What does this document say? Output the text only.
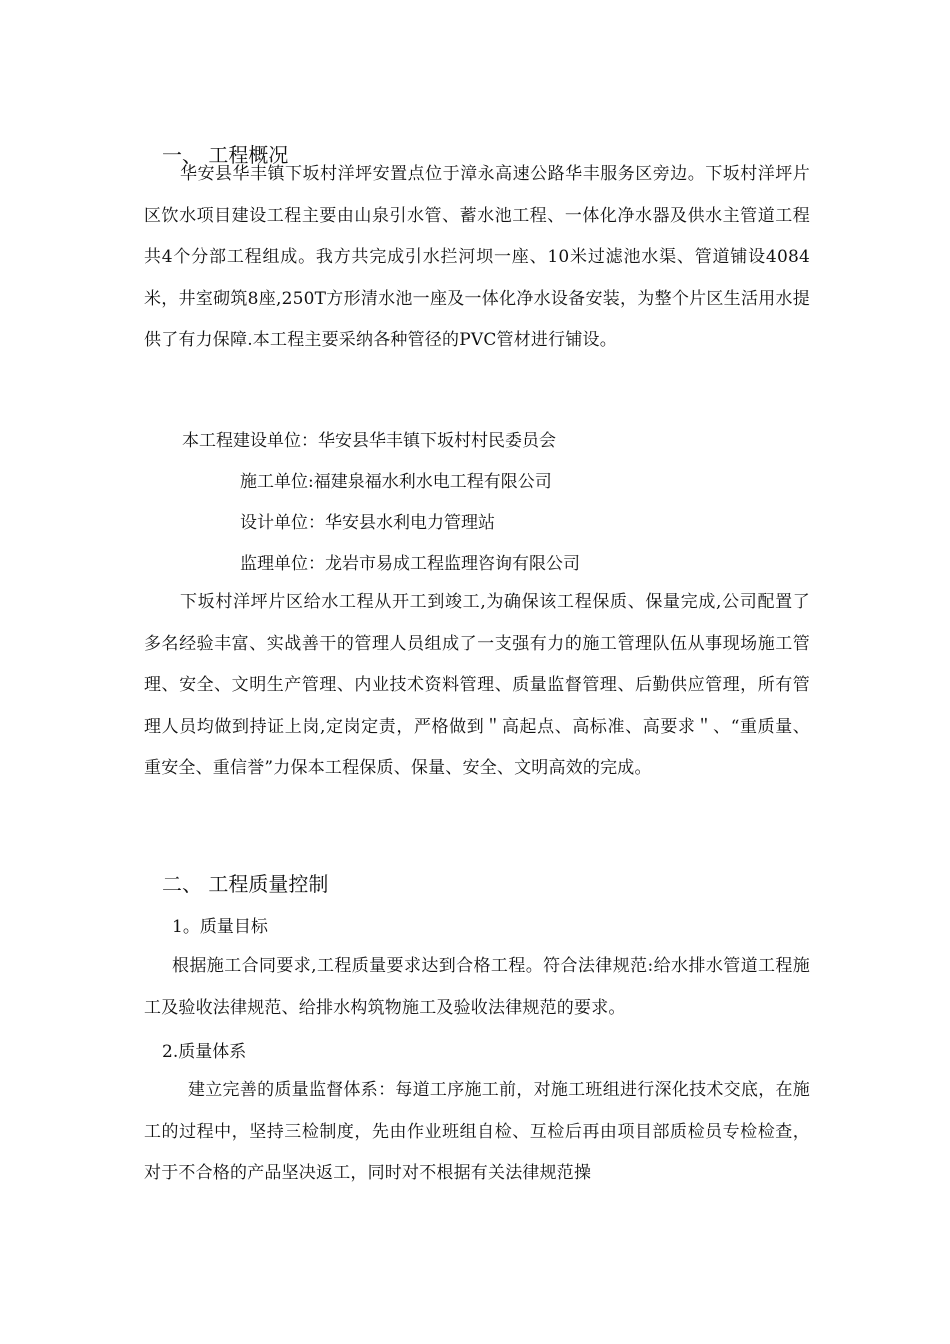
一、 工程概况

华安县华丰镇下坂村洋坪安置点位于漳永高速公路华丰服务区旁边。下坂村洋坪片区饮水项目建设工程主要由山泉引水管、蓄水池工程、一体化净水器及供水主管道工程共4个分部工程组成。我方共完成引水拦河坝一座、10米过滤池水渠、管道铺设4084米，井室砌筑8座,250T方形清水池一座及一体化净水设备安装，为整个片区生活用水提供了有力保障.本工程主要采纳各种管径的PVC管材进行铺设。

本工程建设单位：华安县华丰镇下坂村村民委员会
施工单位:福建泉福水利水电工程有限公司
设计单位：华安县水利电力管理站
监理单位：龙岩市易成工程监理咨询有限公司

下坂村洋坪片区给水工程从开工到竣工,为确保该工程保质、保量完成,公司配置了多名经验丰富、实战善干的管理人员组成了一支强有力的施工管理队伍从事现场施工管理、安全、文明生产管理、内业技术资料管理、质量监督管理、后勤供应管理，所有管理人员均做到持证上岗,定岗定责，严格做到＂高起点、高标准、高要求＂、“重质量、重安全、重信誉”力保本工程保质、保量、安全、文明高效的完成。

二、 工程质量控制
1。质量目标

根据施工合同要求,工程质量要求达到合格工程。符合法律规范:给水排水管道工程施工及验收法律规范、给排水构筑物施工及验收法律规范的要求。

2.质量体系

建立完善的质量监督体系：每道工序施工前，对施工班组进行深化技术交底，在施工的过程中，坚持三检制度，先由作业班组自检、互检后再由项目部质检员专检检查，对于不合格的产品坚决返工，同时对不根据有关法律规范操
